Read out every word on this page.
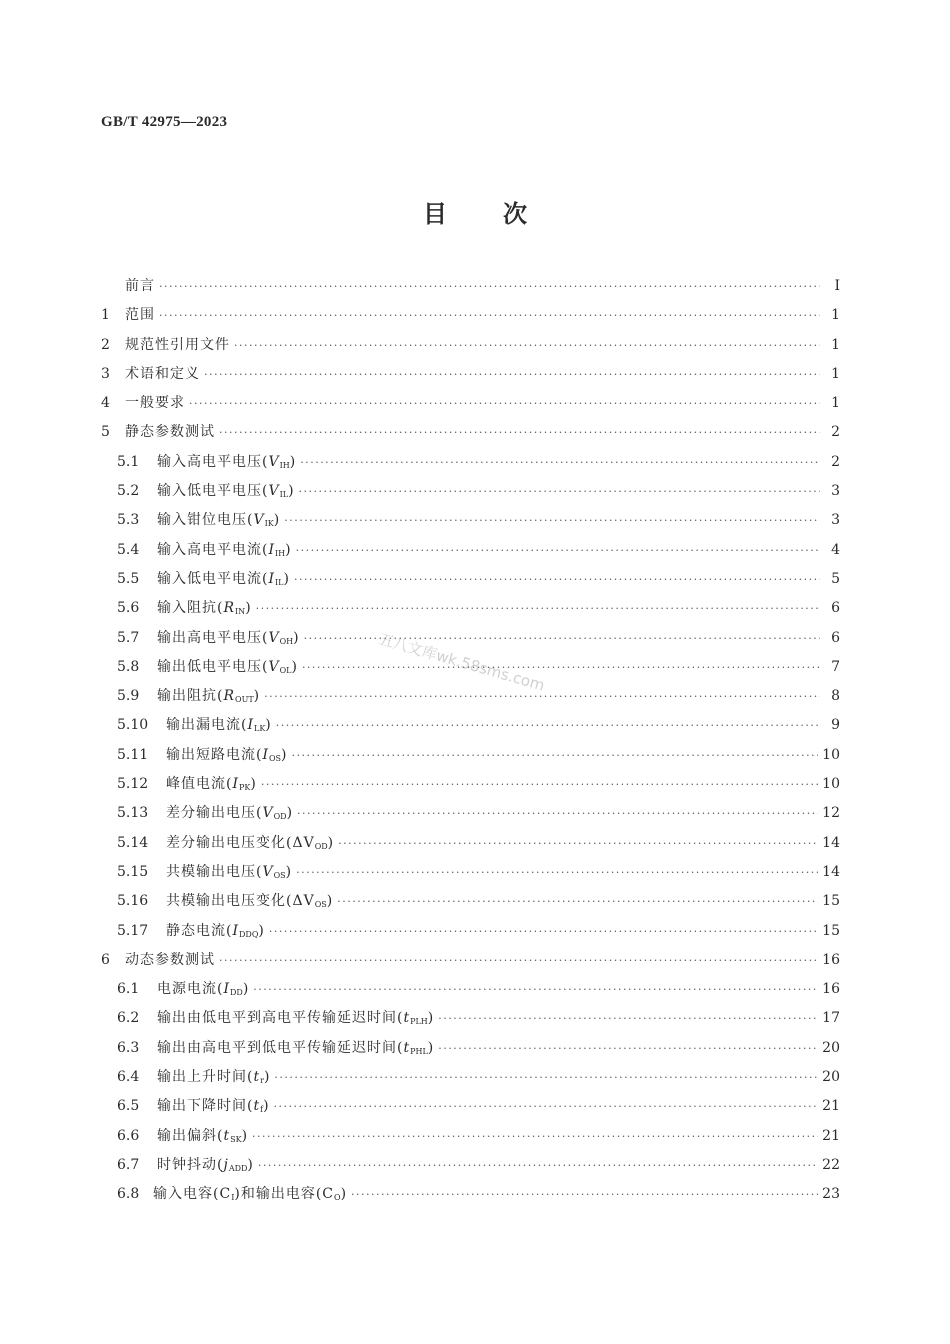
GB/T 42975—2023
目 次
前言 ·····	Ⅰ
1	范围 ·····	1
2	规范性引用文件 ·····	1
3	术语和定义 ·····	1
4	一般要求 ·····	1
5	静态参数测试 ·····	2
5.1	输入高电平电压$(V_{IH})$ ·····	2
5.2	输入低电平电压$(V_{IL})$ ·····	3
5.3	输入钳位电压$(V_{IK})$ ·····	3
5.4	输入高电平电流$(I_{IH})$ ·····	4
5.5	输入低电平电流$(I_{IL})$ ·····	5
5.6	输入阻抗$(R_{IN})$ ·····	6
5.7	输出高电平电压$(V_{OH})$ ·····	6
5.8	输出低电平电压$(V_{OL})$ ·····	7
5.9	输出阻抗$(R_{OUT})$ ·····	8
5.10	输出漏电流$(I_{LK})$ ·····	9
5.11	输出短路电流$(I_{OS})$ ·····	10
5.12	峰值电流$(I_{PK})$ ·····	10
5.13	差分输出电压$(V_{OD})$ ·····	12
5.14	差分输出电压变化$(\Delta V_{OD})$ ·····	14
5.15	共模输出电压$(V_{OS})$ ·····	14
5.16	共模输出电压变化$(\Delta V_{OS})$ ·····	15
5.17	静态电流$(I_{DDQ})$ ·····	15
6	动态参数测试 ·····	16
6.1	电源电流$(I_{DD})$ ·····	16
6.2	输出由低电平到高电平传输延迟时间$(t_{PLH})$ ·····	17
6.3	输出由高电平到低电平传输延迟时间$(t_{PHL})$ ·····	20
6.4	输出上升时间$(t_r)$ ·····	20
6.5	输出下降时间$(t_f)$ ·····	21
6.6	输出偏斜$(t_{SK})$ ·····	21
6.7	时钟抖动$(j_{ADD})$ ·····	22
6.8 输入电容$(C_I)$和输出电容$(C_O)$ ·····	23
五八文库wk.58sms.com
